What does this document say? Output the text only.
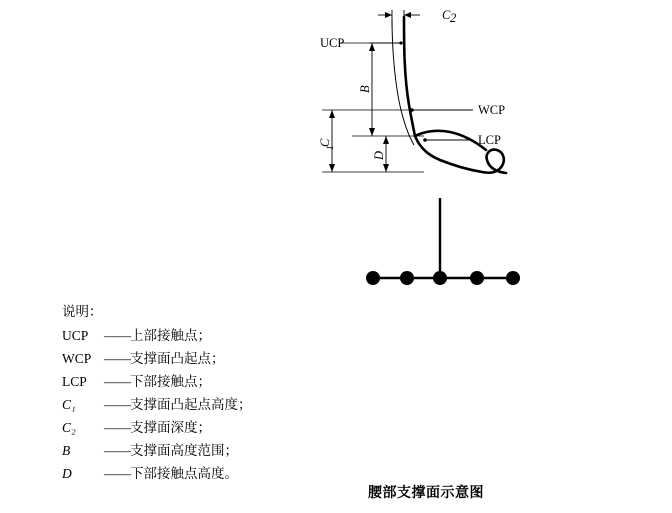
C 2
UCP
WCP
LCP
B
C
1
D
说明：
UCP	—— 上部接触点；
WCP —— 支撑面凸起点；
LCP	—— 下部接触点；
C₁	—— 支撑面凸起点高度；
C₂	—— 支撑面深度；
B	—— 支撑面高度范围；
D	—— 下部接触点高度。
腰部支撑面示意图
